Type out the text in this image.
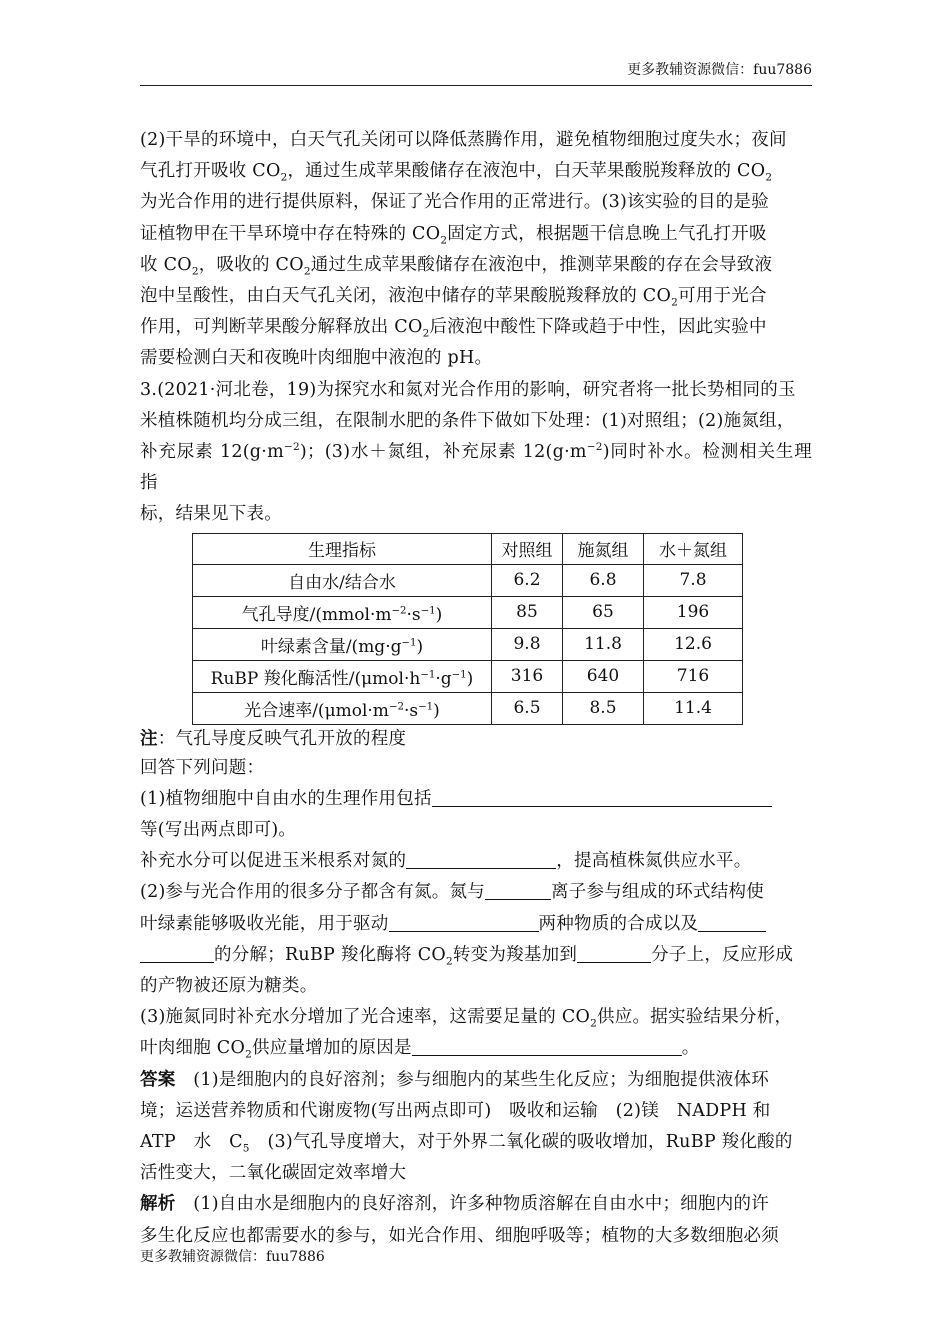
更多教辅资源微信：fuu7886
(2)干旱的环境中，白天气孔关闭可以降低蒸腾作用，避免植物细胞过度失水；夜间
气孔打开吸收 $CO_2$，通过生成苹果酸储存在液泡中，白天苹果酸脱羧释放的 $CO_2$
为光合作用的进行提供原料，保证了光合作用的正常进行。(3)该实验的目的是验
证植物甲在干旱环境中存在特殊的 $CO_2$固定方式，根据题干信息晚上气孔打开吸
收 $CO_2$，吸收的 $CO_2$通过生成苹果酸储存在液泡中，推测苹果酸的存在会导致液
泡中呈酸性，由白天气孔关闭，液泡中储存的苹果酸脱羧释放的 $CO_2$可用于光合
作用，可判断苹果酸分解释放出 $CO_2$后液泡中酸性下降或趋于中性，因此实验中
需要检测白天和夜晚叶肉细胞中液泡的 pH。
3.(2021·河北卷，19)为探究水和氮对光合作用的影响，研究者将一批长势相同的玉
米植株随机均分成三组，在限制水肥的条件下做如下处理：(1)对照组；(2)施氮组，
补充尿素 $12(g\cdot m^{-2})$；(3)水＋氮组，补充尿素 $12(g\cdot m^{-2})$同时补水。检测相关生理指
标，结果见下表。
生理指标	对照组	施氮组	水＋氮组
自由水/结合水	6.2	6.8	7.8
气孔导度$/(mmol\cdot m^{-2}\cdot s^{-1})$	85	65	196
叶绿素含量$/(mg\cdot g^{-1})$	9.8	11.8	12.6
RuBP 羧化酶活性$/(\mu mol\cdot h^{-1}\cdot g^{-1})$	316	640	716
光合速率$/(\mu mol\cdot m^{-2}\cdot s^{-1})$	6.5	8.5	11.4
注：气孔导度反映气孔开放的程度
回答下列问题：
(1)植物细胞中自由水的生理作用包括
等(写出两点即可)。
补充水分可以促进玉米根系对氮的	，提高植株氮供应水平。
(2)参与光合作用的很多分子都含有氮。氮与	离子参与组成的环式结构使
叶绿素能够吸收光能，用于驱动	两种物质的合成以及
的分解；RuBP 羧化酶将 $CO_2$转变为羧基加到	分子上，反应形成
的产物被还原为糖类。
(3)施氮同时补充水分增加了光合速率，这需要足量的 $CO_2$供应。据实验结果分析，
叶肉细胞 $CO_2$供应量增加的原因是	。
答案　 (1)是细胞内的良好溶剂；参与细胞内的某些生化反应；为细胞提供液体环
境；运送营养物质和代谢废物(写出两点即可)　吸收和运输　(2)镁　NADPH 和
ATP　水　$C_5$　(3)气孔导度增大，对于外界二氧化碳的吸收增加，RuBP 羧化酸的
活性变大，二氧化碳固定效率增大
解析　 (1)自由水是细胞内的良好溶剂，许多种物质溶解在自由水中；细胞内的许
多生化反应也都需要水的参与，如光合作用、细胞呼吸等；植物的大多数细胞必须
更多教辅资源微信：fuu7886
